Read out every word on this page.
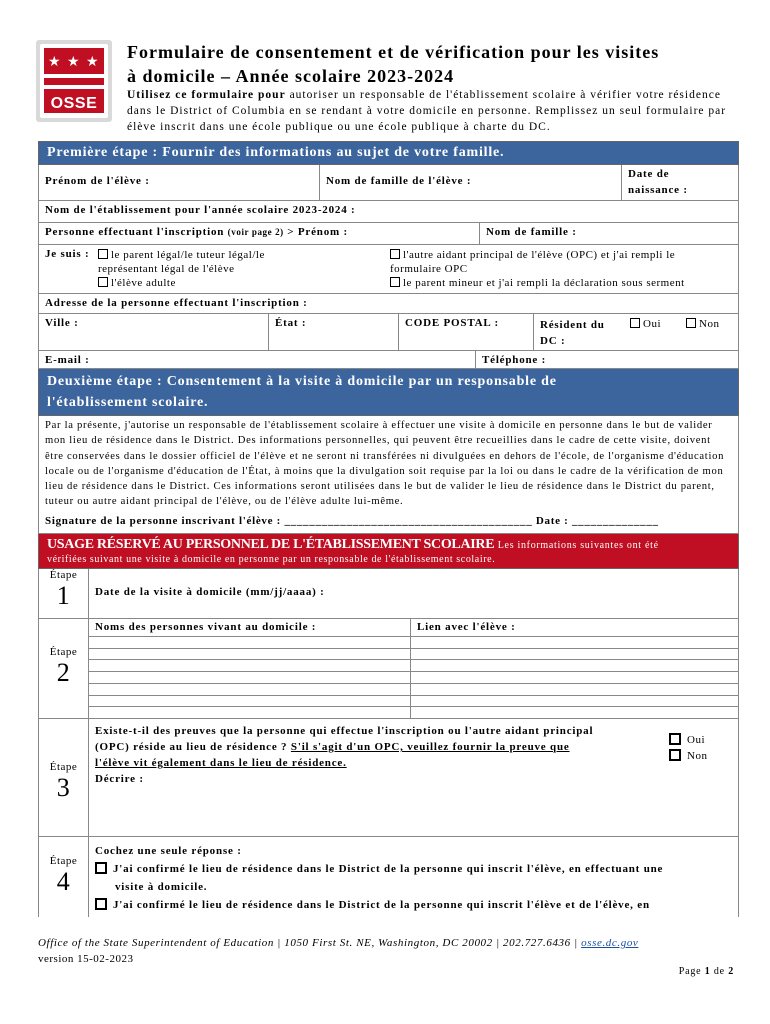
★ ★ ★
OSSE
Formulaire de consentement et de vérification pour les visites
à domicile – Année scolaire 2023-2024
Utilisez ce formulaire pour autoriser un responsable de l'établissement scolaire à vérifier votre résidence dans le District of Columbia en se rendant à votre domicile en personne. Remplissez un seul formulaire par élève inscrit dans une école publique ou une école publique à charte du DC.
Première étape : Fournir des informations au sujet de votre famille.
Prénom de l'élève :	Nom de famille de l'élève :
Date de
naissance :
Nom de l'établissement pour l'année scolaire 2023-2024 :
Personne effectuant l'inscription (voir page 2) > Prénom :	Nom de famille :
Je suis :	le parent légal/le tuteur légal/le
représentant légal de l'élève
l'élève adulte
l'autre aidant principal de l'élève (OPC) et j'ai rempli le
formulaire OPC
le parent mineur et j'ai rempli la déclaration sous serment
Adresse de la personne effectuant l'inscription :
Ville :	État :	CODE POSTAL :	Résident du
DC :
Oui	Non
E-mail :	Téléphone :
Deuxième étape : Consentement à la visite à domicile par un responsable de
l'établissement scolaire.
Par la présente, j'autorise un responsable de l'établissement scolaire à effectuer une visite à domicile en personne dans le but de valider mon lieu de résidence dans le District. Des informations personnelles, qui peuvent être recueillies dans le cadre de cette visite, doivent être conservées dans le dossier officiel de l'élève et ne seront ni transférées ni divulguées en dehors de l'école, de l'organisme d'éducation locale ou de l'organisme d'éducation de l'État, à moins que la divulgation soit requise par la loi ou dans le cadre de la vérification de mon lieu de résidence dans le District. Ces informations seront utilisées dans le but de valider le lieu de résidence dans le District du parent, tuteur ou autre aidant principal de l'élève, ou de l'élève adulte lui-même.
Signature de la personne inscrivant l'élève : ________________________________________ Date : ______________
USAGE RÉSERVÉ AU PERSONNEL DE L'ÉTABLISSEMENT SCOLAIRE Les informations suivantes ont été
vérifiées suivant une visite à domicile en personne par un responsable de l'établissement scolaire.
Étape
1	Date de la visite à domicile (mm/jj/aaaa) :
Étape
2
Noms des personnes vivant au domicile :	Lien avec l'élève :
Étape
3
Existe-t-il des preuves que la personne qui effectue l'inscription ou l'autre aidant principal
(OPC) réside au lieu de résidence ? S'il s'agit d'un OPC, veuillez fournir la preuve que
l'élève vit également dans le lieu de résidence.
Décrire :
Oui
Non
Étape
4
Cochez une seule réponse :
J'ai confirmé le lieu de résidence dans le District de la personne qui inscrit l'élève, en effectuant une
visite à domicile.
J'ai confirmé le lieu de résidence dans le District de la personne qui inscrit l'élève et de l'élève, en
Office of the State Superintendent of Education | 1050 First St. NE, Washington, DC 20002 | 202.727.6436 | osse.dc.gov
version 15-02-2023
Page 1 de 2
